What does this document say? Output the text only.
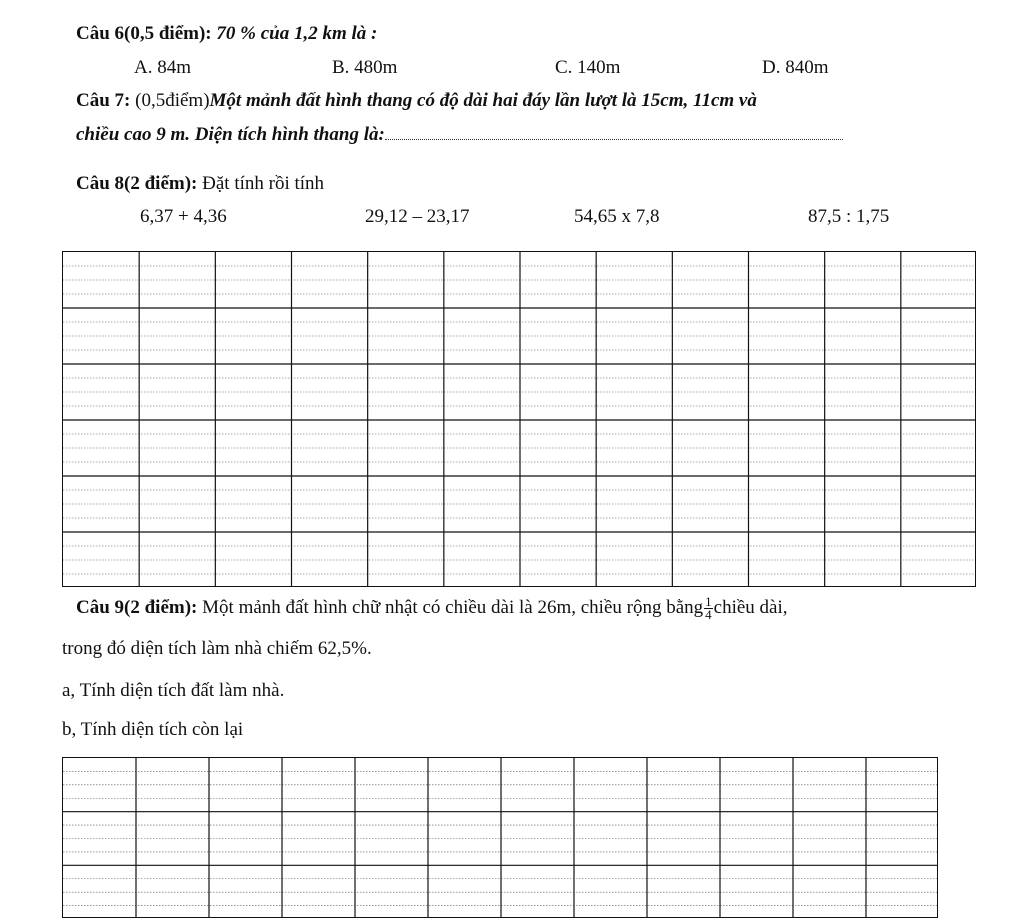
Câu 6(0,5 điểm): 70 % của 1,2 km là :
A. 84m	B. 480m	C. 140m	D. 840m
Câu 7: (0,5điểm)Một mảnh đất hình thang có độ dài hai đáy lần lượt là 15cm, 11cm và
chiều cao 9 m. Diện tích hình thang là:
Câu 8(2 điểm): Đặt tính rồi tính
6,37 + 4,36	29,12 – 23,17	54,65 x 7,8	87,5 : 1,75
Câu 9(2 điểm): Một mảnh đất hình chữ nhật có chiều dài là 26m, chiều rộng bằng $\frac{1}{4}$ chiều dài,
trong đó diện tích làm nhà chiếm 62,5%.
a, Tính diện tích đất làm nhà.
b, Tính diện tích còn lại
